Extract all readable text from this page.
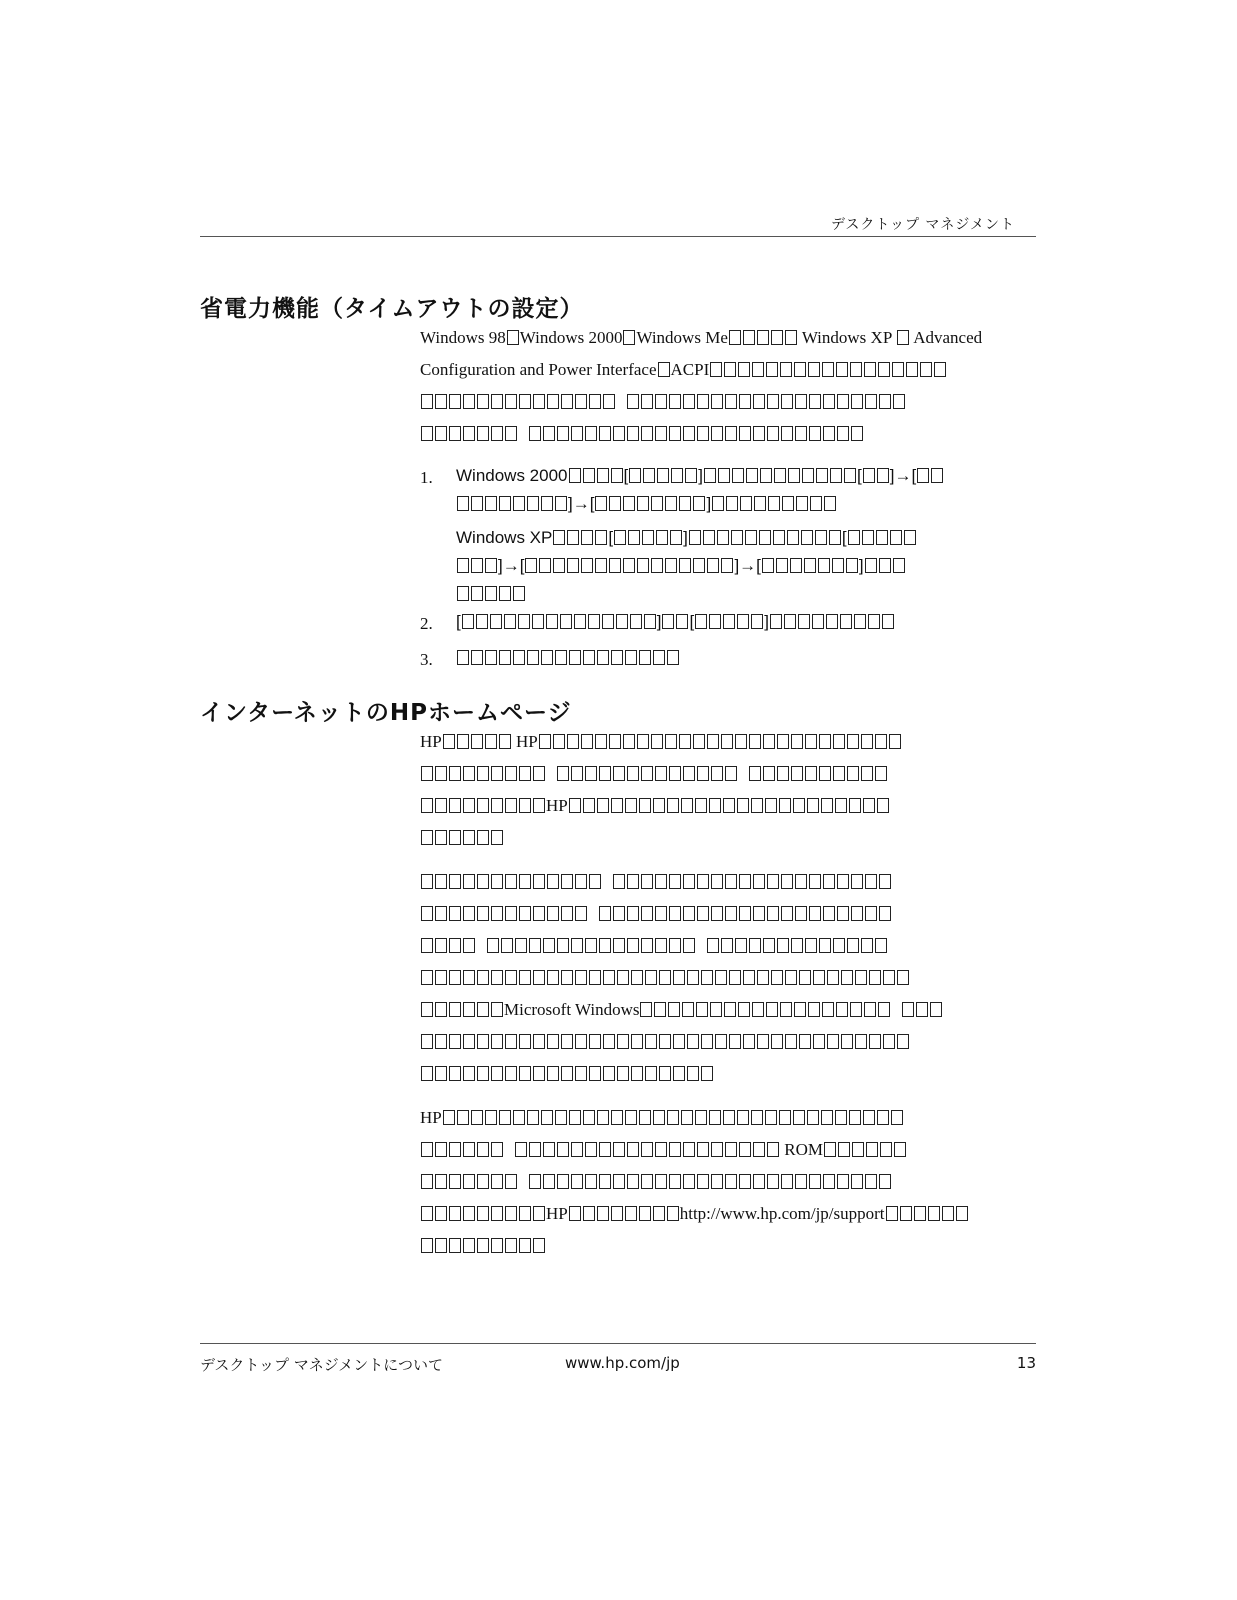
デスクトップ マネジメント
省電力機能（タイムアウトの設定）
Windows 98 Windows 2000 Windows Me	Windows XP  Advanced
Configuration and Power Interface ACPI
1. Windows 2000	[	]	[ ]→[
]→[	]
Windows XP	[	]	[
]→[	]→[	]
2. [	] [	]
3.
インターネットのHPホームページ
HP	HP
HP
Microsoft Windows
HP
ROM
HP	http://www.hp.com/jp/support
デスクトップ マネジメントについて	www.hp.com/jp	13
